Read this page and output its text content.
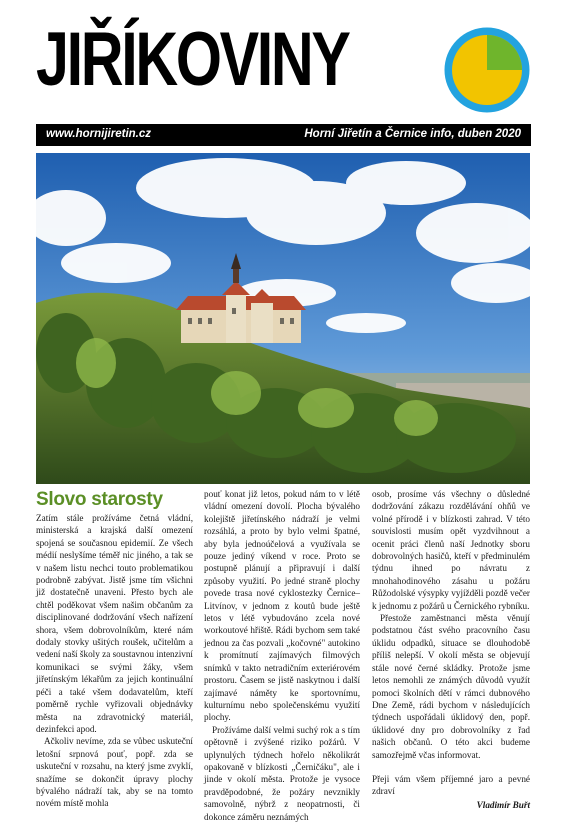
JIŘÍKOVINY
www.hornijiretin.cz	Horní Jiřetín a Černice info, duben 2020
Slovo starosty

Zatím stále prožíváme četná vládní, ministerská a krajská další omezení spojená se současnou epidemií. Ze všech médií neslyšíme téměř nic jiného, a tak se v našem listu nechci touto problematikou podrobně zabývat. Jistě jsme tím všichni již dostatečně unaveni. Přesto bych ale chtěl poděkovat všem našim občanům za disciplinované dodržování všech nařízení shora, všem dobrovolníkům, které nám dodaly stovky ušitých roušek, učitelům a vedení naší školy za soustavnou intenzivní komunikaci se svými žáky, všem jiřetínským lékařům za jejich kontinuální péči a také všem dodavatelům, kteří poměrně rychle vyřizovali objednávky města na zdravotnický materiál, dezinfekci apod.

Ačkoliv nevíme, zda se vůbec uskuteční letošní srpnová pouť, popř. zda se uskuteční v rozsahu, na který jsme zvyklí, snažíme se dokončit úpravy plochy bývalého nádraží tak, aby se na tomto novém místě mohla

pouť konat již letos, pokud nám to v létě vládní omezení dovolí. Plocha bývalého kolejiště jiřetínského nádraží je velmi rozsáhlá, a proto by bylo velmi špatné, aby byla jednoúčelová a využívala se pouze jediný víkend v roce. Proto se postupně plánují a připravují i další způsoby využití. Po jedné straně plochy povede trasa nové cyklostezky Černice–Litvínov, v jednom z koutů bude ještě letos v létě vybudováno zcela nové workoutové hřiště. Rádi bychom sem také jednou za čas pozvali „kočovné" autokino k promítnutí zajímavých filmových snímků v takto netradičním exteriérovém prostoru. Časem se jistě naskytnou i další zajímavé náměty ke sportovnímu, kulturnímu nebo společenskému využití plochy.

Prožíváme další velmi suchý rok a s tím opětovně i zvýšené riziko požárů. V uplynulých týdnech hořelo několikrát opakovaně v blízkosti „Černičáku", ale i jinde v okolí města. Protože je vysoce pravděpodobné, že požáry nevznikly samovolně, nýbrž z neopatrnosti, či dokonce záměru neznámých

osob, prosíme vás všechny o důsledné dodržování zákazu rozdělávání ohňů ve volné přírodě i v blízkosti zahrad. V této souvislosti musím opět vyzdvihnout a ocenit práci členů naší Jednotky sboru dobrovolných hasičů, kteří v předminulém týdnu ihned po návratu z mnohahodinového zásahu u požáru Růžodolské výsypky vyjížděli pozdě večer k jednomu z požárů u Černického rybníku.

Přestože zaměstnanci města věnují podstatnou část svého pracovního času úklidu odpadků, situace se dlouhodobě příliš nelepší. V okolí města se objevují stále nové černé skládky. Protože jsme letos nemohli ze známých důvodů využít pomoci školních dětí v rámci dubnového Dne Země, rádi bychom v následujících týdnech uspořádali úklidový den, popř. úklidové dny pro dobrovolníky z řad našich občanů. O této akci budeme samozřejmě včas informovat.

Přeji vám všem příjemné jaro a pevné zdraví

Vladimír Buřt
